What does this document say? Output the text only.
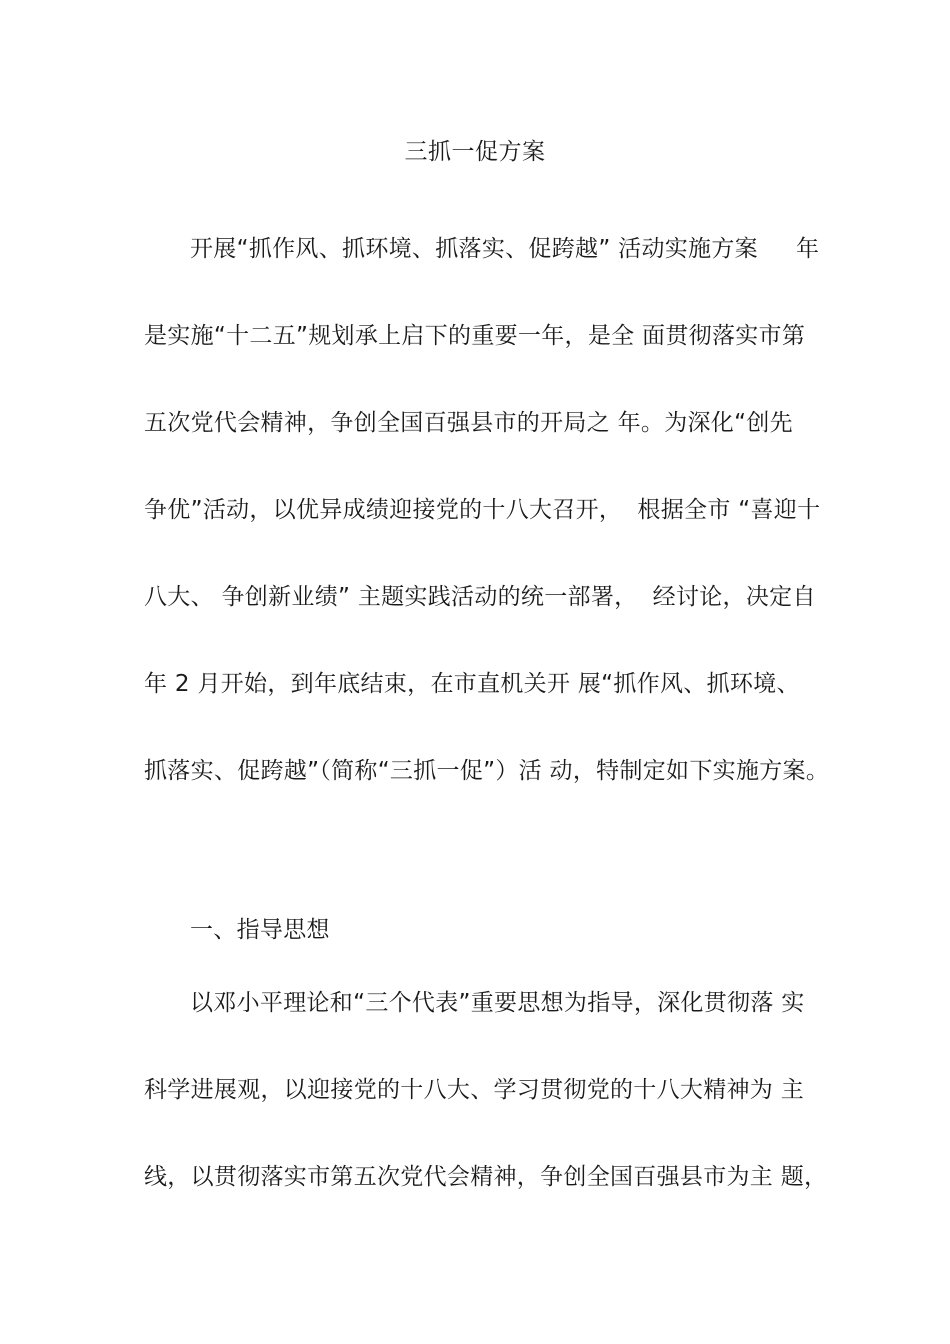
三抓一促方案
开展“抓作风、抓环境、抓落实、促跨越” 活动实施方案     年
是实施“十二五”规划承上启下的重要一年，是全 面贯彻落实市第
五次党代会精神，争创全国百强县市的开局之 年。为深化“创先
争优”活动，以优异成绩迎接党的十八大召开，  根据全市 “喜迎十
八大、 争创新业绩” 主题实践活动的统一部署，  经讨论，决定自
年 2 月开始，到年底结束，在市直机关开 展“抓作风、抓环境、
抓落实、促跨越”（简称“三抓一促”）活 动，特制定如下实施方案。
一、指导思想
以邓小平理论和“三个代表”重要思想为指导，深化贯彻落 实
科学进展观，以迎接党的十八大、学习贯彻党的十八大精神为 主
线，以贯彻落实市第五次党代会精神，争创全国百强县市为主 题，
